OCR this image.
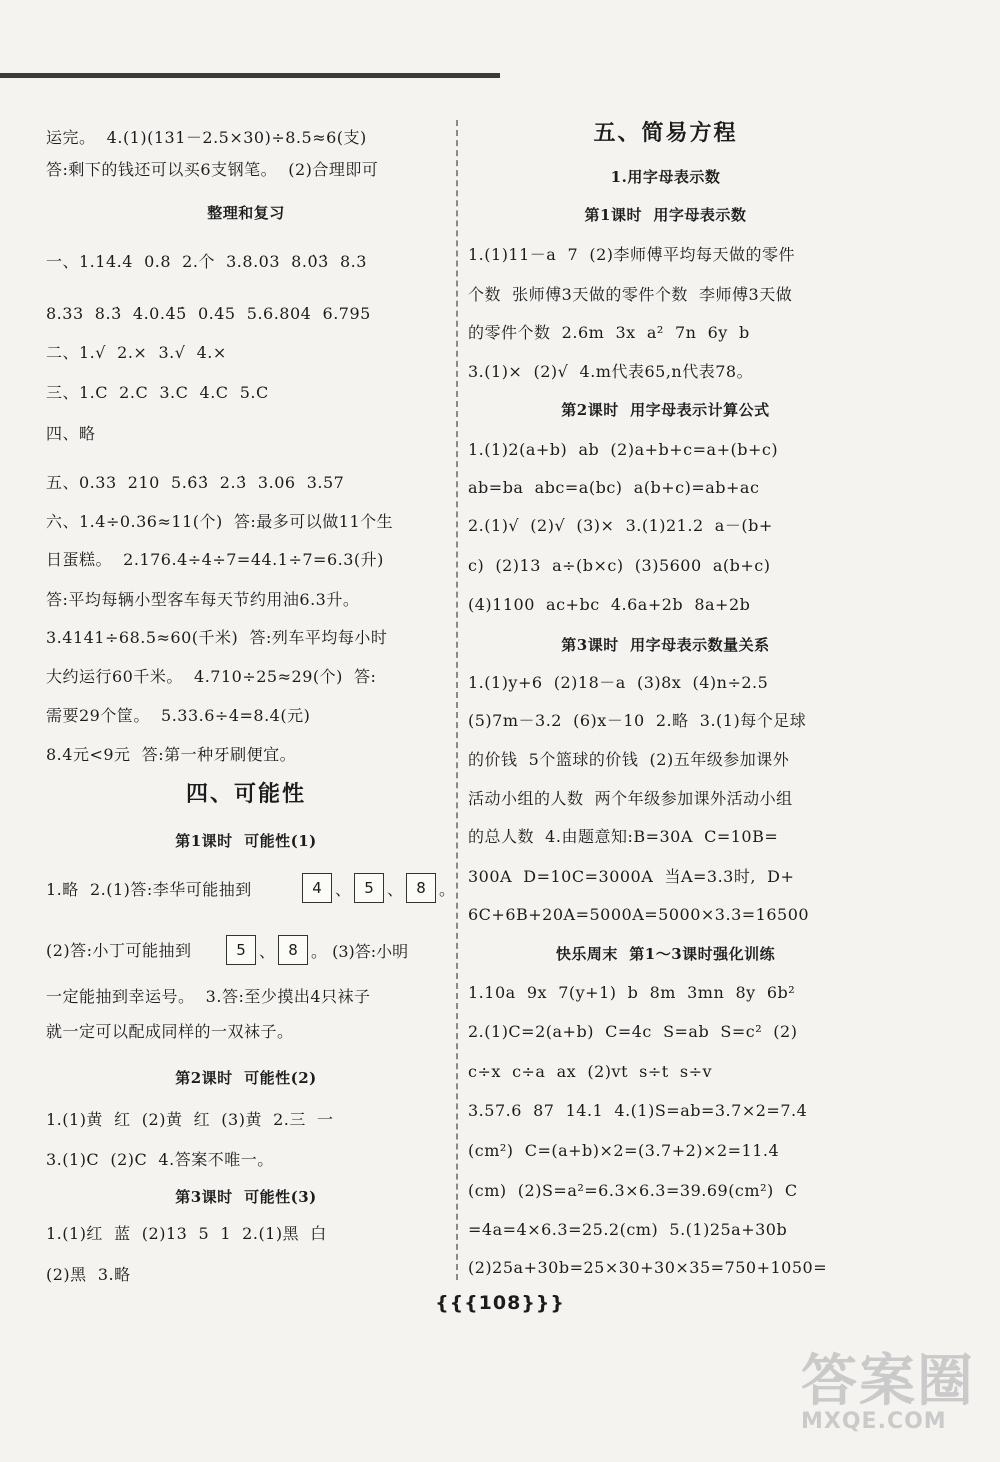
运完。  4.(1)(131－2.5×30)÷8.5≈6(支)
答:剩下的钱还可以买6支钢笔。  (2)合理即可
整理和复习
一、1.14.4  0.8  2.个  3.8.03  8.0̇3̇  8.3
8.33  8.3̇  4.0.4̇5̇  0.45  5.6.804  6.795
二、1.√  2.×  3.√  4.×
三、1.C  2.C  3.C  4.C  5.C
四、略
五、0.33  210  5.6̇3̇  2.3̇  3.06  3.57
六、1.4÷0.36≈11(个)  答:最多可以做11个生
日蛋糕。  2.176.4÷4÷7=44.1÷7=6.3(升)
答:平均每辆小型客车每天节约用油6.3升。
3.4141÷68.5≈60(千米)  答:列车平均每小时
大约运行60千米。  4.710÷25≈29(个)  答:
需要29个筐。  5.33.6÷4=8.4(元)
8.4元<9元  答:第一种牙刷便宜。
四、可能性
第1课时  可能性(1)
1.略  2.(1)答:李华可能抽到	4 、 5 、 8 。
(2)答:小丁可能抽到	5 、 8 。 (3)答:小明
一定能抽到幸运号。  3.答:至少摸出4只袜子
就一定可以配成同样的一双袜子。
第2课时  可能性(2)
1.(1)黄  红  (2)黄  红  (3)黄  2.三  一
3.(1)C  (2)C  4.答案不唯一。
第3课时  可能性(3)
1.(1)红  蓝  (2)13  5  1  2.(1)黑  白
(2)黑  3.略
五、简易方程
1.用字母表示数
第1课时  用字母表示数
1.(1)11－a  7  (2)李师傅平均每天做的零件
个数  张师傅3天做的零件个数  李师傅3天做
的零件个数  2.6m  3x  a²  7n  6y  b
3.(1)×  (2)√  4.m代表65,n代表78。
第2课时  用字母表示计算公式
1.(1)2(a+b)  ab  (2)a+b+c=a+(b+c)
ab=ba  abc=a(bc)  a(b+c)=ab+ac
2.(1)√  (2)√  (3)×  3.(1)21.2  a－(b+
c)  (2)13  a÷(b×c)  (3)5600  a(b+c)
(4)1100  ac+bc  4.6a+2b  8a+2b
第3课时  用字母表示数量关系
1.(1)y+6  (2)18－a  (3)8x  (4)n÷2.5
(5)7m－3.2  (6)x－10  2.略  3.(1)每个足球
的价钱  5个篮球的价钱  (2)五年级参加课外
活动小组的人数  两个年级参加课外活动小组
的总人数  4.由题意知:B=30A  C=10B=
300A  D=10C=3000A  当A=3.3时,  D+
6C+6B+20A=5000A=5000×3.3=16500
快乐周末  第1～3课时强化训练
1.10a  9x  7(y+1)  b  8m  3mn  8y  6b²
2.(1)C=2(a+b)  C=4c  S=ab  S=c²  (2)
c÷x  c÷a  ax  (2)vt  s÷t  s÷v
3.57.6  87  14.1  4.(1)S=ab=3.7×2=7.4
(cm²)  C=(a+b)×2=(3.7+2)×2=11.4
(cm)  (2)S=a²=6.3×6.3=39.69(cm²)  C
=4a=4×6.3=25.2(cm)  5.(1)25a+30b
(2)25a+30b=25×30+30×35=750+1050=
{{{108}}}
答案圈
MXQE.COM
